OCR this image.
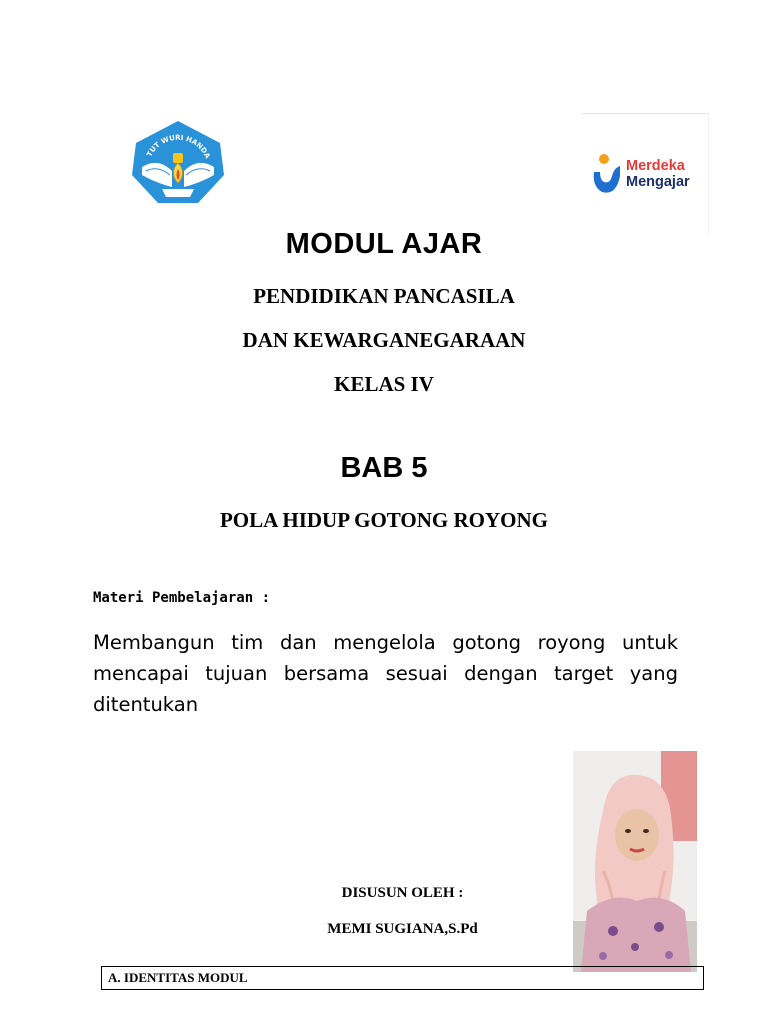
TUT WURI HANDA
Merdeka
Mengajar
MODUL AJAR
PENDIDIKAN PANCASILA
DAN KEWARGANEGARAAN
KELAS IV
BAB 5
POLA HIDUP GOTONG ROYONG
Materi Pembelajaran :
Membangun tim dan mengelola gotong royong untuk mencapai tujuan bersama sesuai dengan target yang ditentukan
DISUSUN OLEH :
MEMI SUGIANA,S.Pd
A. IDENTITAS MODUL
